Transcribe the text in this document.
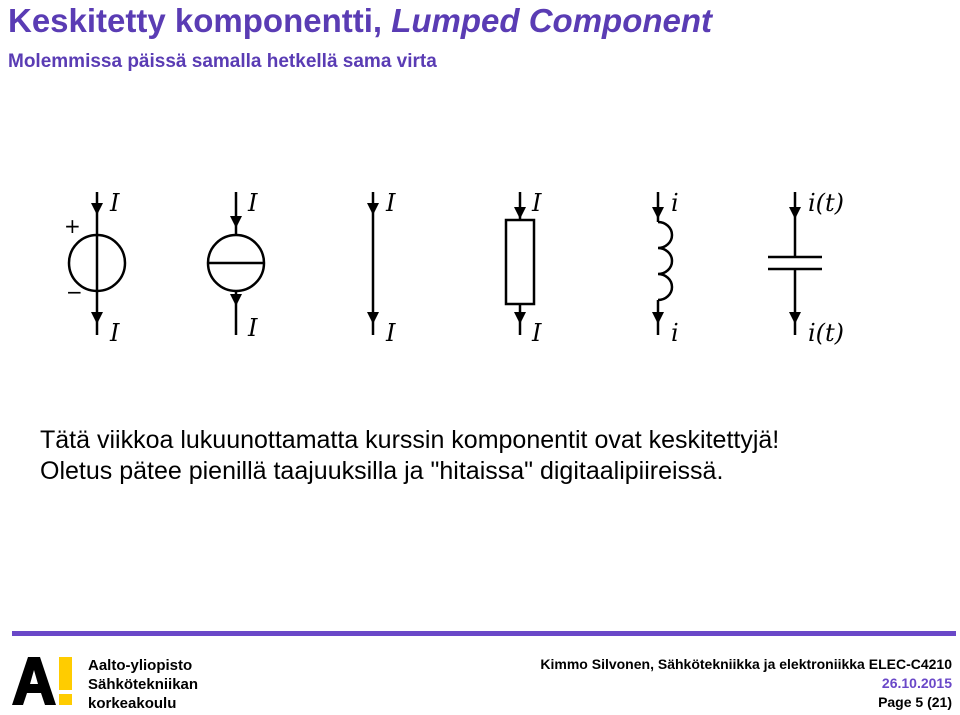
Keskitetty komponentti, Lumped Component
Molemmissa päissä samalla hetkellä sama virta
+
−
I
I
I
I
I
I
I
I
i
i
i(t)
i(t)

Tätä viikkoa lukuunottamatta kurssin komponentit ovat keskitettyjä!

Oletus pätee pienillä taajuuksilla ja "hitaissa" digitaalipiireissä.

A!
Aalto-yliopisto
Sähkötekniikan
korkeakoulu
Kimmo Silvonen, Sähkötekniikka ja elektroniikka ELEC-C4210
26.10.2015
Page 5 (21)
